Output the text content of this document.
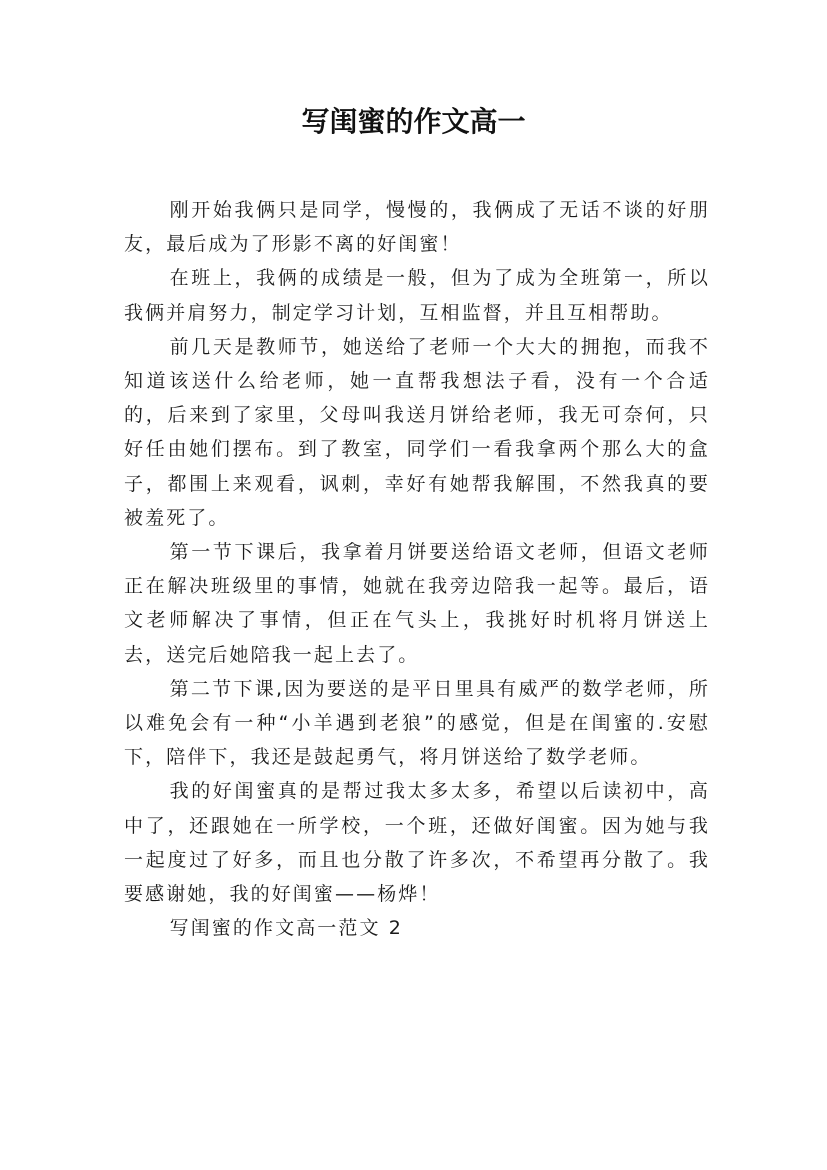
写闺蜜的作文高一

刚开始我俩只是同学，慢慢的，我俩成了无话不谈的好朋友，最后成为了形影不离的好闺蜜！

在班上，我俩的成绩是一般，但为了成为全班第一，所以我俩并肩努力，制定学习计划，互相监督，并且互相帮助。

前几天是教师节，她送给了老师一个大大的拥抱，而我不知道该送什么给老师，她一直帮我想法子看，没有一个合适的，后来到了家里，父母叫我送月饼给老师，我无可奈何，只好任由她们摆布。到了教室，同学们一看我拿两个那么大的盒子，都围上来观看，讽刺，幸好有她帮我解围，不然我真的要被羞死了。

第一节下课后，我拿着月饼要送给语文老师，但语文老师正在解决班级里的事情，她就在我旁边陪我一起等。最后，语文老师解决了事情，但正在气头上，我挑好时机将月饼送上去，送完后她陪我一起上去了。

第二节下课,因为要送的是平日里具有威严的数学老师，所以难免会有一种“小羊遇到老狼”的感觉，但是在闺蜜的.安慰下，陪伴下，我还是鼓起勇气，将月饼送给了数学老师。

我的好闺蜜真的是帮过我太多太多，希望以后读初中，高中了，还跟她在一所学校，一个班，还做好闺蜜。因为她与我一起度过了好多，而且也分散了许多次，不希望再分散了。我要感谢她，我的好闺蜜——杨烨！

写闺蜜的作文高一范文 2
